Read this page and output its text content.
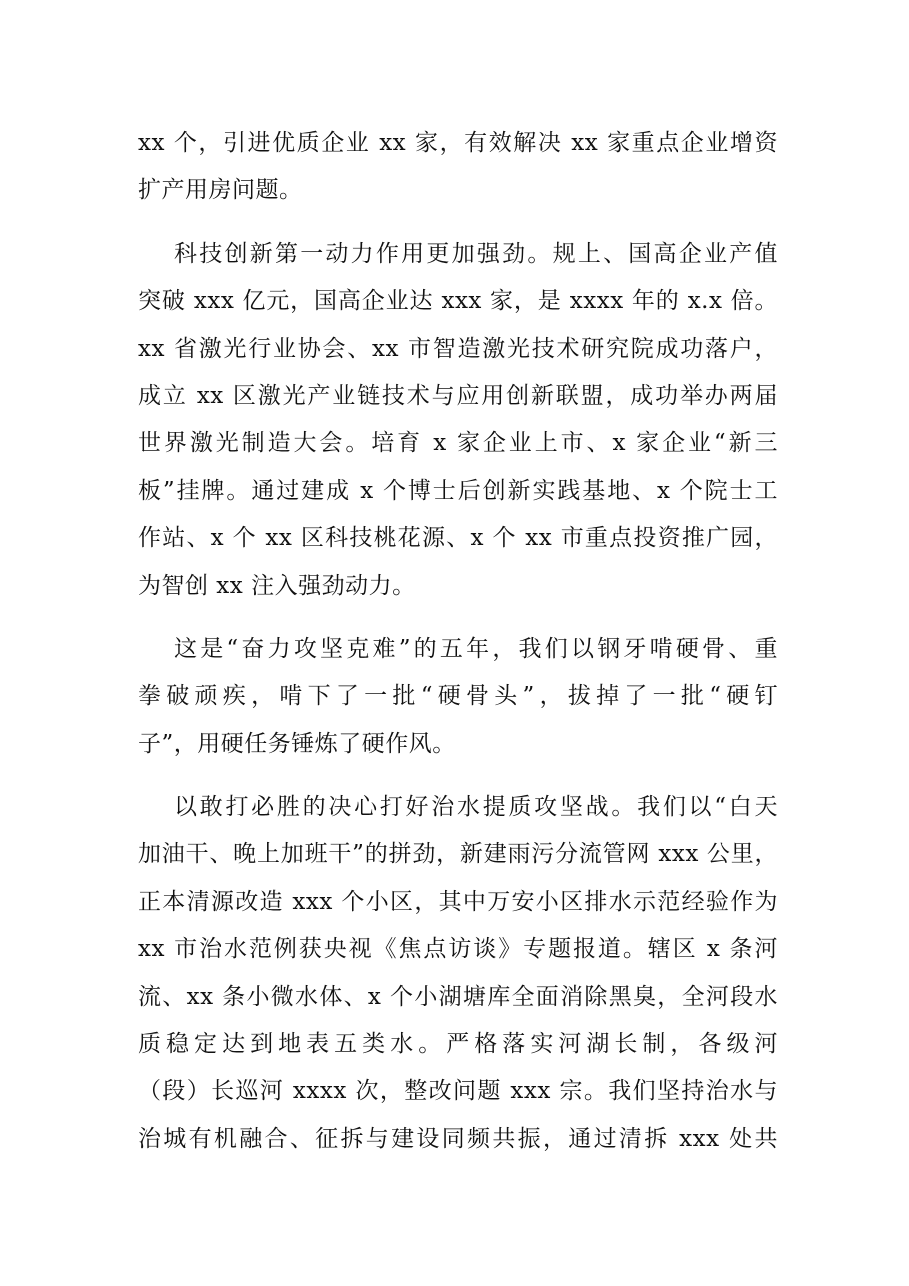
xx 个，引进优质企业 xx 家，有效解决 xx 家重点企业增资
扩产用房问题。
科技创新第一动力作用更加强劲。规上、国高企业产值
突破 xxx 亿元，国高企业达 xxx 家，是 xxxx 年的 x.x 倍。
xx 省激光行业协会、xx 市智造激光技术研究院成功落户，
成立 xx 区激光产业链技术与应用创新联盟，成功举办两届
世界激光制造大会。培育 x 家企业上市、x 家企业“新三
板”挂牌。通过建成 x 个博士后创新实践基地、x 个院士工
作站、x 个 xx 区科技桃花源、x 个 xx 市重点投资推广园，
为智创 xx 注入强劲动力。
这是“奋力攻坚克难”的五年，我们以钢牙啃硬骨、重
拳破顽疾，啃下了一批“硬骨头”，拔掉了一批“硬钉
子”，用硬任务锤炼了硬作风。
以敢打必胜的决心打好治水提质攻坚战。我们以“白天
加油干、晚上加班干”的拼劲，新建雨污分流管网 xxx 公里，
正本清源改造 xxx 个小区，其中万安小区排水示范经验作为
xx 市治水范例获央视《焦点访谈》专题报道。辖区 x 条河
流、xx 条小微水体、x 个小湖塘库全面消除黑臭，全河段水
质稳定达到地表五类水。严格落实河湖长制，各级河
（段）长巡河 xxxx 次，整改问题 xxx 宗。我们坚持治水与
治城有机融合、征拆与建设同频共振，通过清拆 xxx 处共
